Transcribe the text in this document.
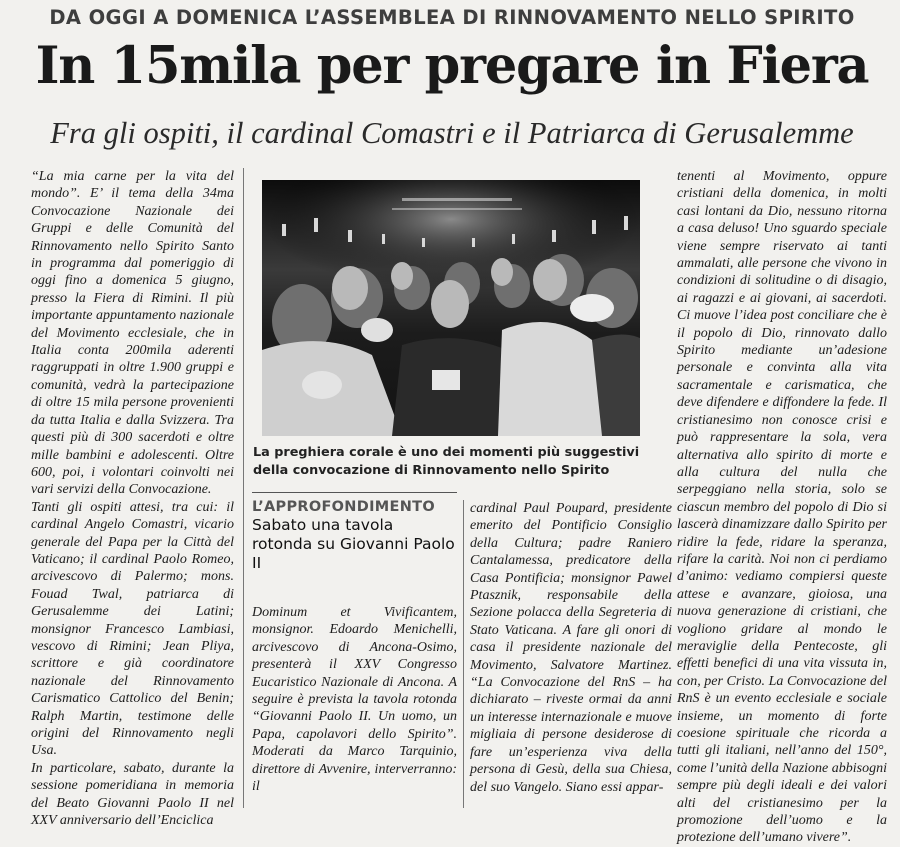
DA OGGI A DOMENICA L’ASSEMBLEA DI RINNOVAMENTO NELLO SPIRITO
In 15mila per pregare in Fiera
Fra gli ospiti, il cardinal Comastri e il Patriarca di Gerusalemme

“La mia carne per la vita del mondo”. E’ il tema della 34ma Convocazione Nazionale dei Gruppi e delle Comunità del Rinnovamento nello Spirito Santo in programma dal pomeriggio di oggi fino a domenica 5 giugno, presso la Fiera di Rimini. Il più importante appuntamento nazionale del Movimento ecclesiale, che in Italia conta 200mila aderenti raggruppati in oltre 1.900 gruppi e comunità, vedrà la partecipazione di oltre 15 mila persone provenienti da tutta Italia e dalla Svizzera. Tra questi più di 300 sacerdoti e oltre mille bambini e adolescenti. Oltre 600, poi, i volontari coinvolti nei vari servizi della Convocazione.

Tanti gli ospiti attesi, tra cui: il cardinal Angelo Comastri, vicario generale del Papa per la Città del Vaticano; il cardinal Paolo Romeo, arcivescovo di Palermo; mons. Fouad Twal, patriarca di Gerusalemme dei Latini; monsignor Francesco Lambiasi, vescovo di Rimini; Jean Pliya, scrittore e già coordinatore nazionale del Rinnovamento Carismatico Cattolico del Benin; Ralph Martin, testimone delle origini del Rinnovamento negli Usa.

In particolare, sabato, durante la sessione pomeridiana in memoria del Beato Giovanni Paolo II nel XXV anniversario dell’Enciclica

La preghiera corale è uno dei momenti più suggestivi della convocazione di Rinnovamento nello Spirito
L’APPROFONDIMENTO
Sabato una tavola rotonda su Giovanni Paolo II

Dominum et Vivificantem, monsignor. Edoardo Menichelli, arcivescovo di Ancona-Osimo, presenterà il XXV Congresso Eucaristico Nazionale di Ancona. A seguire è prevista la tavola rotonda “Giovanni Paolo II. Un uomo, un Papa, capolavori dello Spirito”. Moderati da Marco Tarquinio, direttore di Avvenire, interverranno: il

cardinal Paul Poupard, presidente emerito del Pontificio Consiglio della Cultura; padre Raniero Cantalamessa, predicatore della Casa Pontificia; monsignor Pawel Ptasznik, responsabile della Sezione polacca della Segreteria di Stato Vaticana. A fare gli onori di casa il presidente nazionale del Movimento, Salvatore Martinez. “La Convocazione del RnS – ha dichiarato – riveste ormai da anni un interesse internazionale e muove migliaia di persone desiderose di fare un’esperienza viva della persona di Gesù, della sua Chiesa, del suo Vangelo. Siano essi appar-

tenenti al Movimento, oppure cristiani della domenica, in molti casi lontani da Dio, nessuno ritorna a casa deluso! Uno sguardo speciale viene sempre riservato ai tanti ammalati, alle persone che vivono in condizioni di solitudine o di disagio, ai ragazzi e ai giovani, ai sacerdoti. Ci muove l’idea post conciliare che è il popolo di Dio, rinnovato dallo Spirito mediante un’adesione personale e convinta alla vita sacramentale e carismatica, che deve difendere e diffondere la fede. Il cristianesimo non conosce crisi e può rappresentare la sola, vera alternativa allo spirito di morte e alla cultura del nulla che serpeggiano nella storia, solo se ciascun membro del popolo di Dio si lascerà dinamizzare dallo Spirito per ridire la fede, ridare la speranza, rifare la carità. Noi non ci perdiamo d’animo: vediamo compiersi queste attese e avanzare, gioiosa, una nuova generazione di cristiani, che vogliono gridare al mondo le meraviglie della Pentecoste, gli effetti benefici di una vita vissuta in, con, per Cristo. La Convocazione del RnS è un evento ecclesiale e sociale insieme, un momento di forte coesione spirituale che ricorda a tutti gli italiani, nell’anno del 150°, come l’unità della Nazione abbisogni sempre più degli ideali e dei valori alti del cristianesimo per la promozione dell’uomo e la protezione dell’umano vivere”.
